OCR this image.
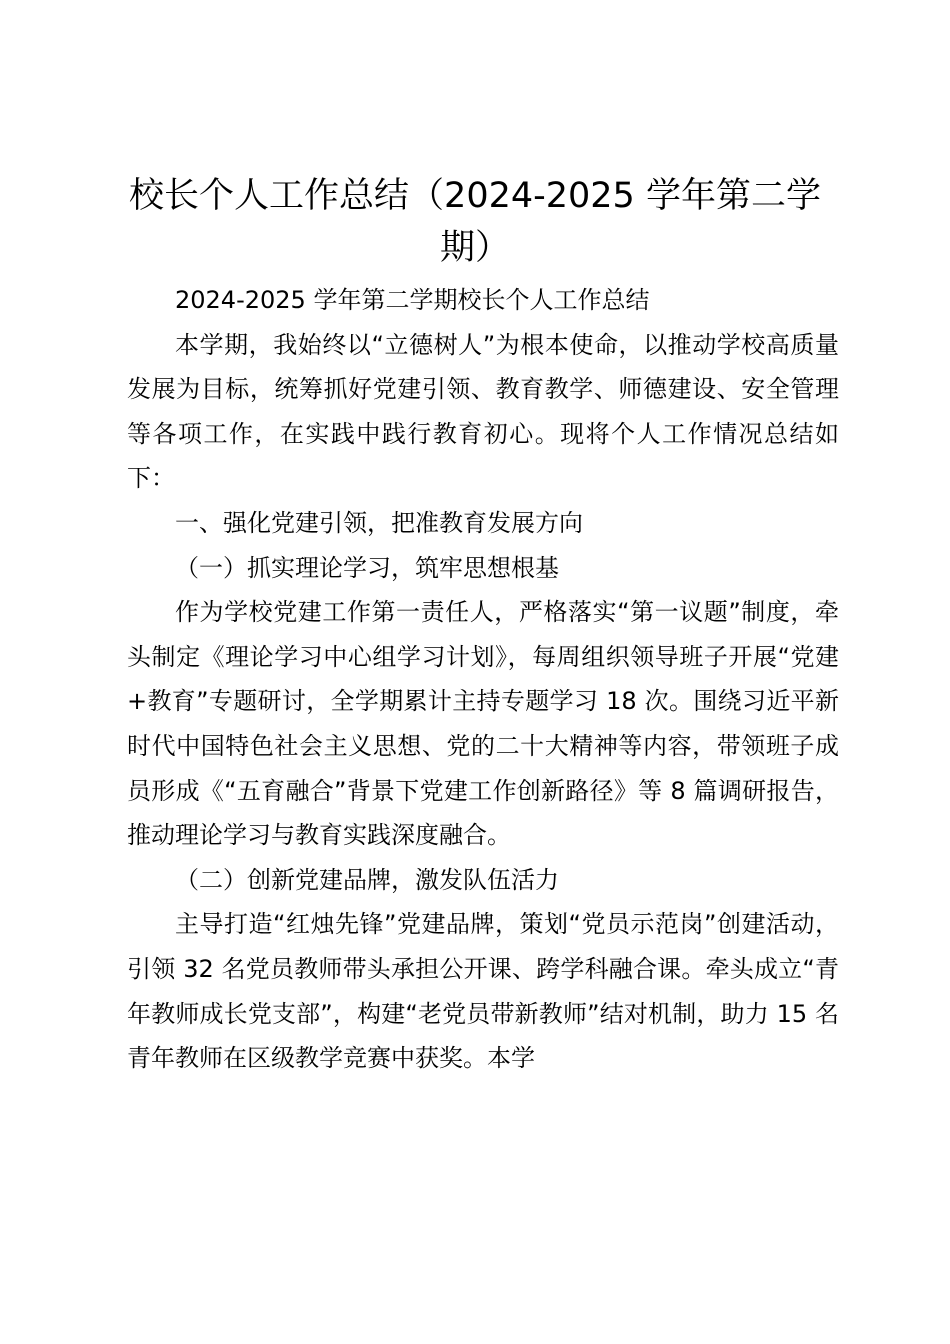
校长个人工作总结（2024-2025 学年第二学期）

2024-2025 学年第二学期校长个人工作总结

本学期，我始终以“立德树人”为根本使命，以推动学校高质量发展为目标，统筹抓好党建引领、教育教学、师德建设、安全管理等各项工作，在实践中践行教育初心。现将个人工作情况总结如下：

一、强化党建引领，把准教育发展方向

（一）抓实理论学习，筑牢思想根基

作为学校党建工作第一责任人，严格落实“第一议题”制度，牵头制定《理论学习中心组学习计划》，每周组织领导班子开展“党建+教育”专题研讨，全学期累计主持专题学习 18 次。围绕习近平新时代中国特色社会主义思想、党的二十大精神等内容，带领班子成员形成《“五育融合”背景下党建工作创新路径》等 8 篇调研报告，推动理论学习与教育实践深度融合。

（二）创新党建品牌，激发队伍活力

主导打造“红烛先锋”党建品牌，策划“党员示范岗”创建活动，引领 32 名党员教师带头承担公开课、跨学科融合课。牵头成立“青年教师成长党支部”，构建“老党员带新教师”结对机制，助力 15 名青年教师在区级教学竞赛中获奖。本学
